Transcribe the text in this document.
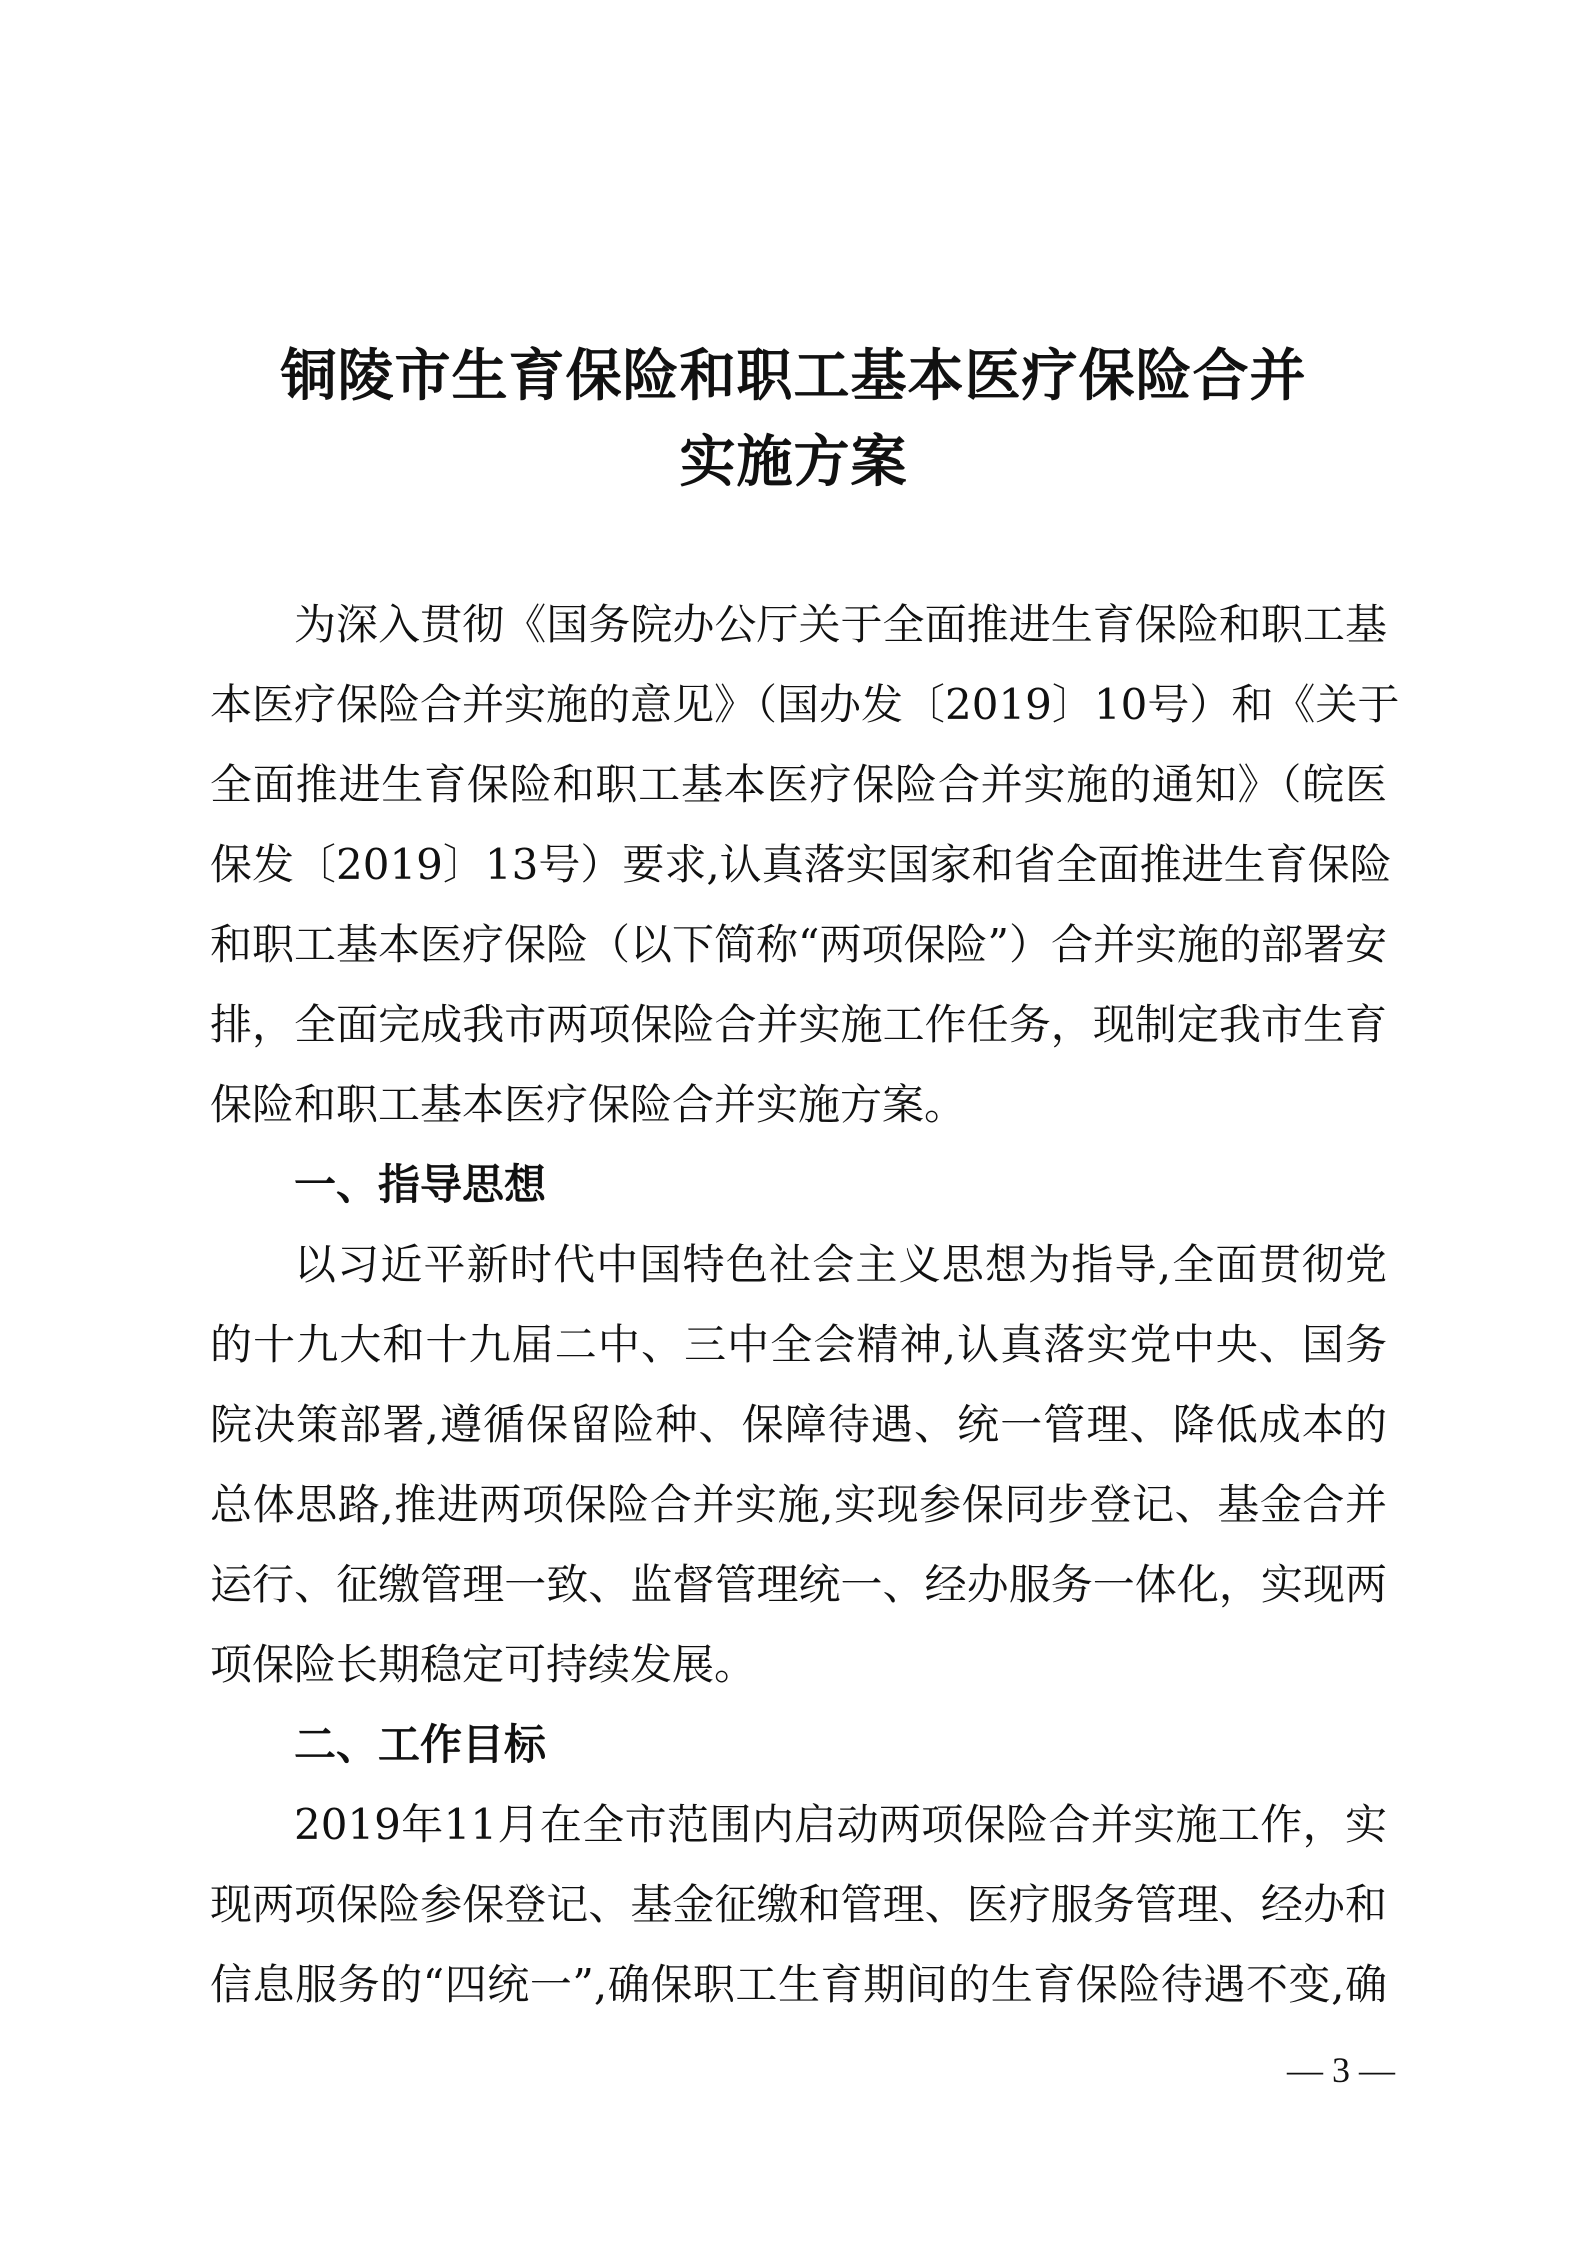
铜陵市生育保险和职工基本医疗保险合并
实施方案
为深入贯彻《国务院办公厅关于全面推进生育保险和职工基
本医疗保险合并实施的意见》（国办发〔2019〕10号）和《关于
全面推进生育保险和职工基本医疗保险合并实施的通知》（皖医
保发〔2019〕13号）要求,认真落实国家和省全面推进生育保险
和职工基本医疗保险（以下简称“两项保险”）合并实施的部署安
排，全面完成我市两项保险合并实施工作任务，现制定我市生育
保险和职工基本医疗保险合并实施方案。
一、指导思想
以习近平新时代中国特色社会主义思想为指导,全面贯彻党
的十九大和十九届二中、三中全会精神,认真落实党中央、国务
院决策部署,遵循保留险种、保障待遇、统一管理、降低成本的
总体思路,推进两项保险合并实施,实现参保同步登记、基金合并
运行、征缴管理一致、监督管理统一、经办服务一体化，实现两
项保险长期稳定可持续发展。
二、工作目标
2019年11月在全市范围内启动两项保险合并实施工作，实
现两项保险参保登记、基金征缴和管理、医疗服务管理、经办和
信息服务的“四统一”,确保职工生育期间的生育保险待遇不变,确
— 3 —
